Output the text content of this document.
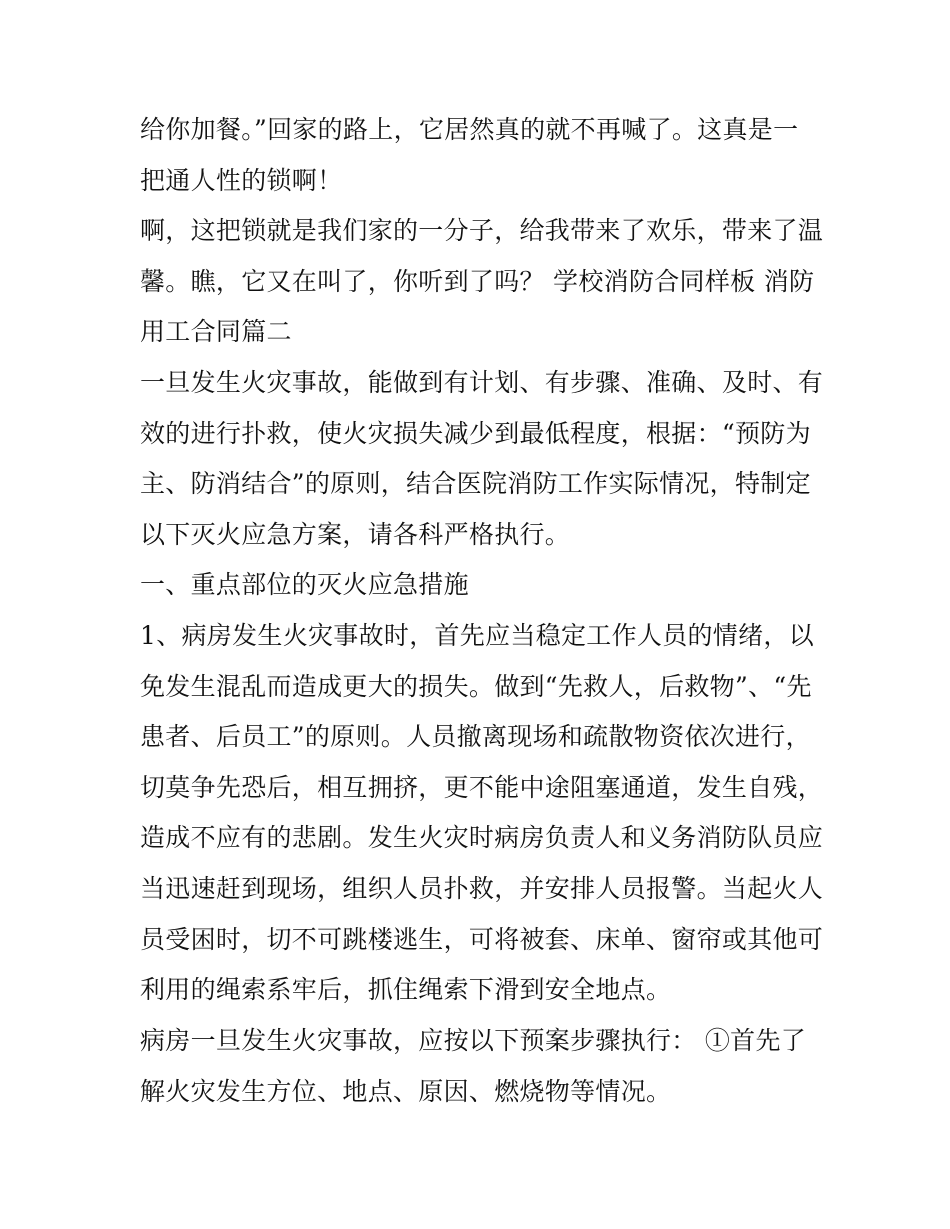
给你加餐。”回家的路上，它居然真的就不再喊了。这真是一
把通人性的锁啊！
啊，这把锁就是我们家的一分子，给我带来了欢乐，带来了温
馨。瞧，它又在叫了，你听到了吗？ 学校消防合同样板 消防
用工合同篇二
一旦发生火灾事故，能做到有计划、有步骤、准确、及时、有
效的进行扑救，使火灾损失减少到最低程度，根据：“预防为
主、防消结合”的原则，结合医院消防工作实际情况，特制定
以下灭火应急方案，请各科严格执行。
一、重点部位的灭火应急措施
1、病房发生火灾事故时，首先应当稳定工作人员的情绪，以
免发生混乱而造成更大的损失。做到“先救人，后救物”、“先
患者、后员工”的原则。人员撤离现场和疏散物资依次进行，
切莫争先恐后，相互拥挤，更不能中途阻塞通道，发生自残，
造成不应有的悲剧。发生火灾时病房负责人和义务消防队员应
当迅速赶到现场，组织人员扑救，并安排人员报警。当起火人
员受困时，切不可跳楼逃生，可将被套、床单、窗帘或其他可
利用的绳索系牢后，抓住绳索下滑到安全地点。
病房一旦发生火灾事故，应按以下预案步骤执行： ①首先了
解火灾发生方位、地点、原因、燃烧物等情况。
